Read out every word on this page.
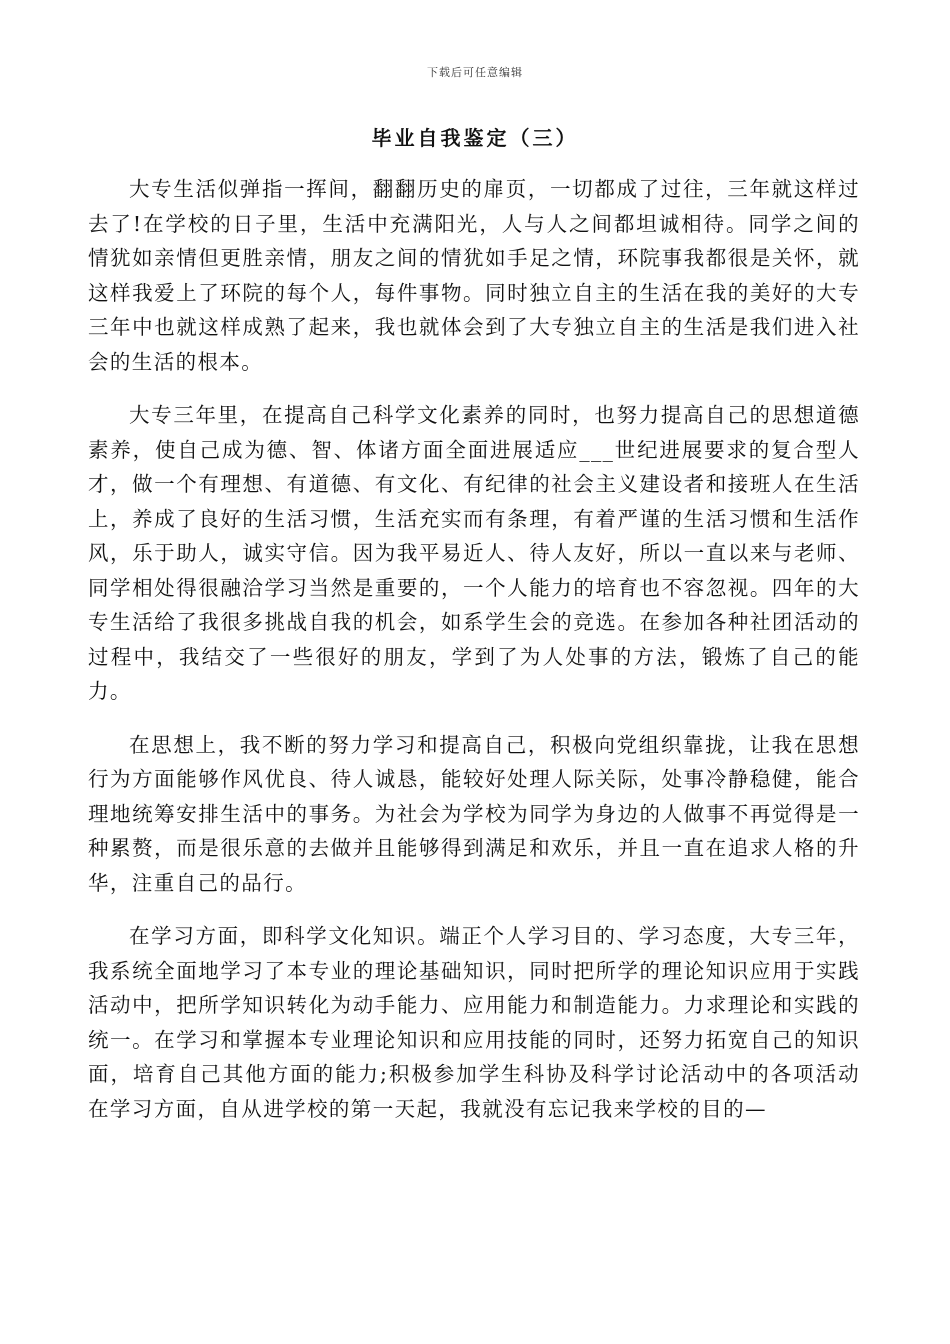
下载后可任意编辑
毕业自我鉴定（三）

大专生活似弹指一挥间，翻翻历史的扉页，一切都成了过往，三年就这样过去了!在学校的日子里，生活中充满阳光，人与人之间都坦诚相待。同学之间的情犹如亲情但更胜亲情，朋友之间的情犹如手足之情，环院事我都很是关怀，就这样我爱上了环院的每个人，每件事物。同时独立自主的生活在我的美好的大专三年中也就这样成熟了起来，我也就体会到了大专独立自主的生活是我们进入社会的生活的根本。

大专三年里，在提高自己科学文化素养的同时，也努力提高自己的思想道德素养，使自己成为德、智、体诸方面全面进展适应___世纪进展要求的复合型人才，做一个有理想、有道德、有文化、有纪律的社会主义建设者和接班人在生活上，养成了良好的生活习惯，生活充实而有条理，有着严谨的生活习惯和生活作风，乐于助人，诚实守信。因为我平易近人、待人友好，所以一直以来与老师、同学相处得很融洽学习当然是重要的，一个人能力的培育也不容忽视。四年的大专生活给了我很多挑战自我的机会，如系学生会的竞选。在参加各种社团活动的过程中，我结交了一些很好的朋友，学到了为人处事的方法，锻炼了自己的能力。

在思想上，我不断的努力学习和提高自己，积极向党组织靠拢，让我在思想行为方面能够作风优良、待人诚恳，能较好处理人际关际，处事冷静稳健，能合理地统筹安排生活中的事务。为社会为学校为同学为身边的人做事不再觉得是一种累赘，而是很乐意的去做并且能够得到满足和欢乐，并且一直在追求人格的升华，注重自己的品行。

在学习方面，即科学文化知识。端正个人学习目的、学习态度，大专三年，我系统全面地学习了本专业的理论基础知识，同时把所学的理论知识应用于实践活动中，把所学知识转化为动手能力、应用能力和制造能力。力求理论和实践的统一。在学习和掌握本专业理论知识和应用技能的同时，还努力拓宽自己的知识面，培育自己其他方面的能力;积极参加学生科协及科学讨论活动中的各项活动在学习方面，自从进学校的第一天起，我就没有忘记我来学校的目的—
